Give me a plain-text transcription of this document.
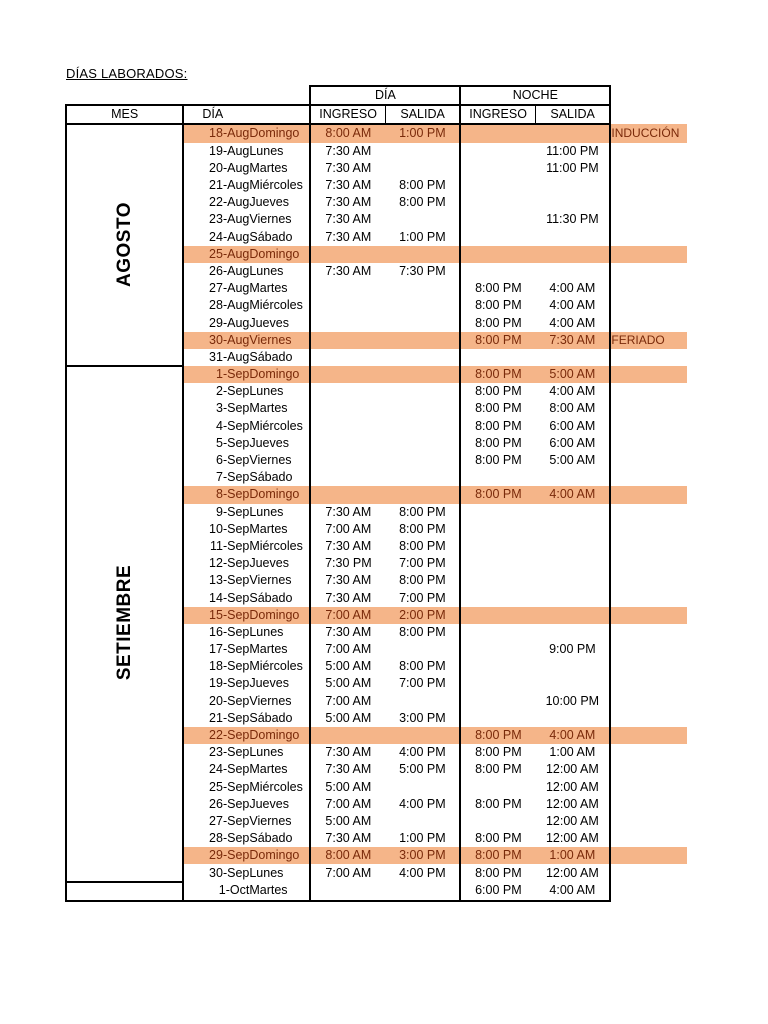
DÍAS LABORADOS:
			DÍA		NOCHE		
MES	DÍA		INGRESO	SALIDA	INGRESO	SALIDA	
AGOSTO	18-Aug	Domingo	8:00 AM	1:00 PM			INDUCCIÓN
	19-Aug	Lunes	7:30 AM			11:00 PM	
	20-Aug	Martes	7:30 AM			11:00 PM	
	21-Aug	Miércoles	7:30 AM	8:00 PM			
	22-Aug	Jueves	7:30 AM	8:00 PM			
	23-Aug	Viernes	7:30 AM			11:30 PM	
	24-Aug	Sábado	7:30 AM	1:00 PM			
	25-Aug	Domingo					
	26-Aug	Lunes	7:30 AM	7:30 PM			
	27-Aug	Martes			8:00 PM	4:00 AM	
	28-Aug	Miércoles			8:00 PM	4:00 AM	
	29-Aug	Jueves			8:00 PM	4:00 AM	
	30-Aug	Viernes			8:00 PM	7:30 AM	FERIADO
	31-Aug	Sábado					
SETIEMBRE	1-Sep	Domingo			8:00 PM	5:00 AM	
	2-Sep	Lunes			8:00 PM	4:00 AM	
	3-Sep	Martes			8:00 PM	8:00 AM	
	4-Sep	Miércoles			8:00 PM	6:00 AM	
	5-Sep	Jueves			8:00 PM	6:00 AM	
	6-Sep	Viernes			8:00 PM	5:00 AM	
	7-Sep	Sábado					
	8-Sep	Domingo			8:00 PM	4:00 AM	
	9-Sep	Lunes	7:30 AM	8:00 PM			
	10-Sep	Martes	7:00 AM	8:00 PM			
	11-Sep	Miércoles	7:30 AM	8:00 PM			
	12-Sep	Jueves	7:30 PM	7:00 PM			
	13-Sep	Viernes	7:30 AM	8:00 PM			
	14-Sep	Sábado	7:30 AM	7:00 PM			
	15-Sep	Domingo	7:00 AM	2:00 PM			
	16-Sep	Lunes	7:30 AM	8:00 PM			
	17-Sep	Martes	7:00 AM			9:00 PM	
	18-Sep	Miércoles	5:00 AM	8:00 PM			
	19-Sep	Jueves	5:00 AM	7:00 PM			
	20-Sep	Viernes	7:00 AM			10:00 PM	
	21-Sep	Sábado	5:00 AM	3:00 PM			
	22-Sep	Domingo			8:00 PM	4:00 AM	
	23-Sep	Lunes	7:30 AM	4:00 PM	8:00 PM	1:00 AM	
	24-Sep	Martes	7:30 AM	5:00 PM	8:00 PM	12:00 AM	
	25-Sep	Miércoles	5:00 AM			12:00 AM	
	26-Sep	Jueves	7:00 AM	4:00 PM	8:00 PM	12:00 AM	
	27-Sep	Viernes	5:00 AM			12:00 AM	
	28-Sep	Sábado	7:30 AM	1:00 PM	8:00 PM	12:00 AM	
	29-Sep	Domingo	8:00 AM	3:00 PM	8:00 PM	1:00 AM	
	30-Sep	Lunes	7:00 AM	4:00 PM	8:00 PM	12:00 AM	
	1-Oct	Martes			6:00 PM	4:00 AM	
